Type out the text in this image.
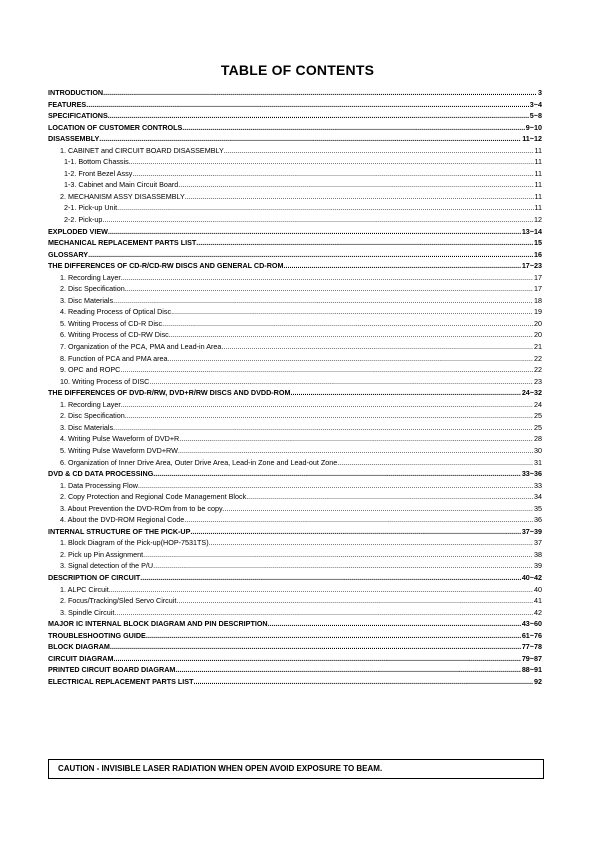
TABLE OF CONTENTS
INTRODUCTION .....	3
FEATURES .....	3~4
SPECIFICATIONS .....	5~8
LOCATION OF CUSTOMER CONTROLS .....	9~10
DISASSEMBLY .....	11~12
1. CABINET and CIRCUIT BOARD DISASSEMBLY .....	11
1-1. Bottom Chassis .....	11
1-2. Front Bezel Assy .....	11
1-3. Cabinet and Main Circuit Board .....	11
2. MECHANISM ASSY DISASSEMBLY .....	11
2-1. Pick-up Unit .....	11
2-2. Pick-up .....	12
EXPLODED VIEW .....	13~14
MECHANICAL REPLACEMENT PARTS LIST .....	15
GLOSSARY .....	16
THE DIFFERENCES OF CD-R/CD-RW DISCS AND GENERAL CD-ROM .....	17~23
1. Recording Layer .....	17
2. Disc Specification .....	17
3. Disc Materials .....	18
4. Reading Process of Optical Disc .....	19
5. Writing Process of CD-R Disc .....	20
6. Writing Process of CD-RW Disc .....	20
7. Organization of the PCA, PMA and Lead-in Area .....	21
8. Function of PCA and PMA area .....	22
9. OPC and ROPC .....	22
10. Writing Process of DISC .....	23
THE DIFFERENCES OF DVD-R/RW, DVD+R/RW DISCS AND DVDD-ROM .....	24~32
1. Recording Layer .....	24
2. Disc Specification .....	25
3. Disc Materials .....	25
4. Writing Pulse Waveform of DVD+R .....	28
5. Writing Pulse Waveform DVD+RW .....	30
6. Organization of Inner Drive Area, Outer Drive Area, Lead-in Zone and Lead-out Zone .....	31
DVD & CD DATA PROCESSING .....	33~36
1. Data Processing Flow .....	33
2. Copy Protection and Regional Code Management Block .....	34
3. About Prevention the DVD-ROm from to be copy .....	35
4. About the DVD-ROM Regional Code .....	36
INTERNAL STRUCTURE OF THE PICK-UP .....	37~39
1. Block Diagram of the Pick-up(HOP-7531TS) .....	37
2. Pick up Pin Assignment .....	38
3. Signal detection of the P/U .....	39
DESCRIPTION OF CIRCUIT .....	40~42
1. ALPC Circuit .....	40
2. Focus/Tracking/Sled Servo Circuit .....	41
3. Spindle Circuit .....	42
MAJOR IC INTERNAL BLOCK DIAGRAM AND PIN DESCRIPTION .....	43~60
TROUBLESHOOTING GUIDE .....	61~76
BLOCK DIAGRAM .....	77~78
CIRCUIT DIAGRAM .....	79~87
PRINTED CIRCUIT BOARD DIAGRAM .....	88~91
ELECTRICAL REPLACEMENT PARTS LIST .....	92
CAUTION - INVISIBLE LASER RADIATION WHEN OPEN AVOID EXPOSURE TO BEAM.
